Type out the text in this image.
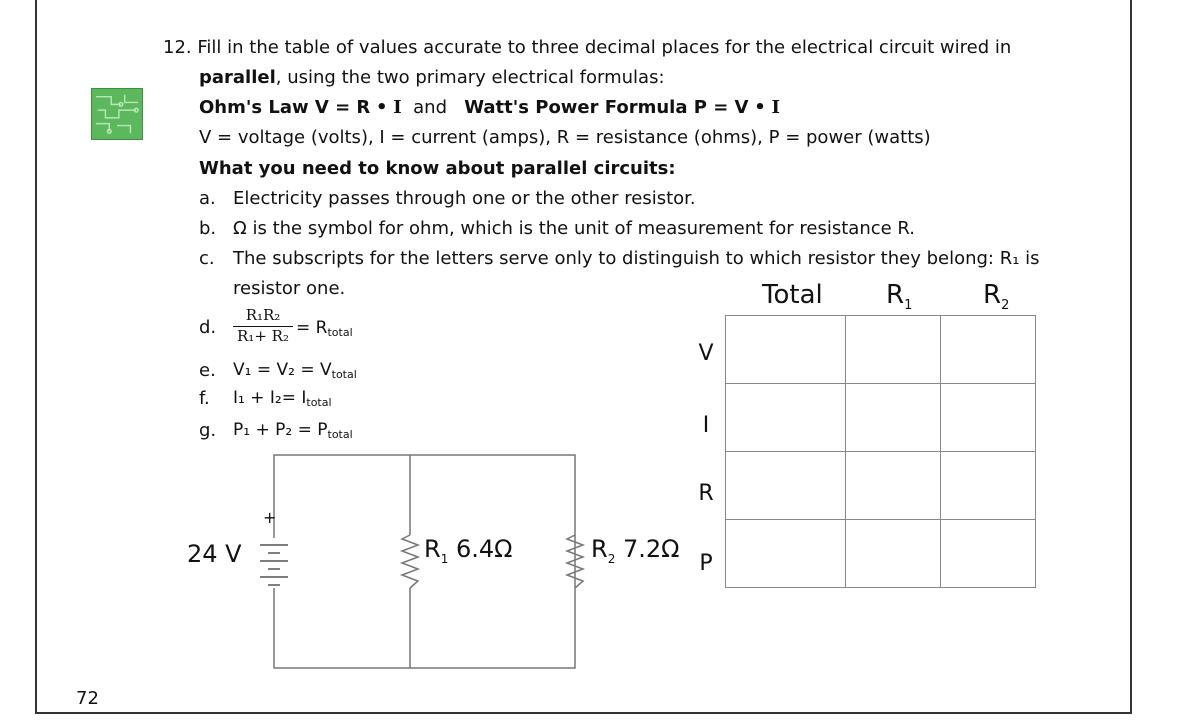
12. Fill in the table of values accurate to three decimal places for the electrical circuit wired in
parallel, using the two primary electrical formulas:
Ohm's Law V = R • I and Watt's Power Formula P = V • I
V = voltage (volts), I = current (amps), R = resistance (ohms), P = power (watts)
What you need to know about parallel circuits:
a. Electricity passes through one or the other resistor.
b. Ω is the symbol for ohm, which is the unit of measurement for resistance R.
c. The subscripts for the letters serve only to distinguish to which resistor they belong: R₁ is
resistor one.
d. $\frac{\text{R₁R₂}}{\text{R₁+ R₂}} = R_{total}$
e. $V_1 = V_2 = V_{total}$
f. $I_1 + I_2= I_{total}$
g. $P_1 + P_2 = P_{total}$
Total $R_1$	$R_2$
V
I
R
P

+
24 V	$R_1$ 6.4Ω	$R_2$ 7.2Ω
72
